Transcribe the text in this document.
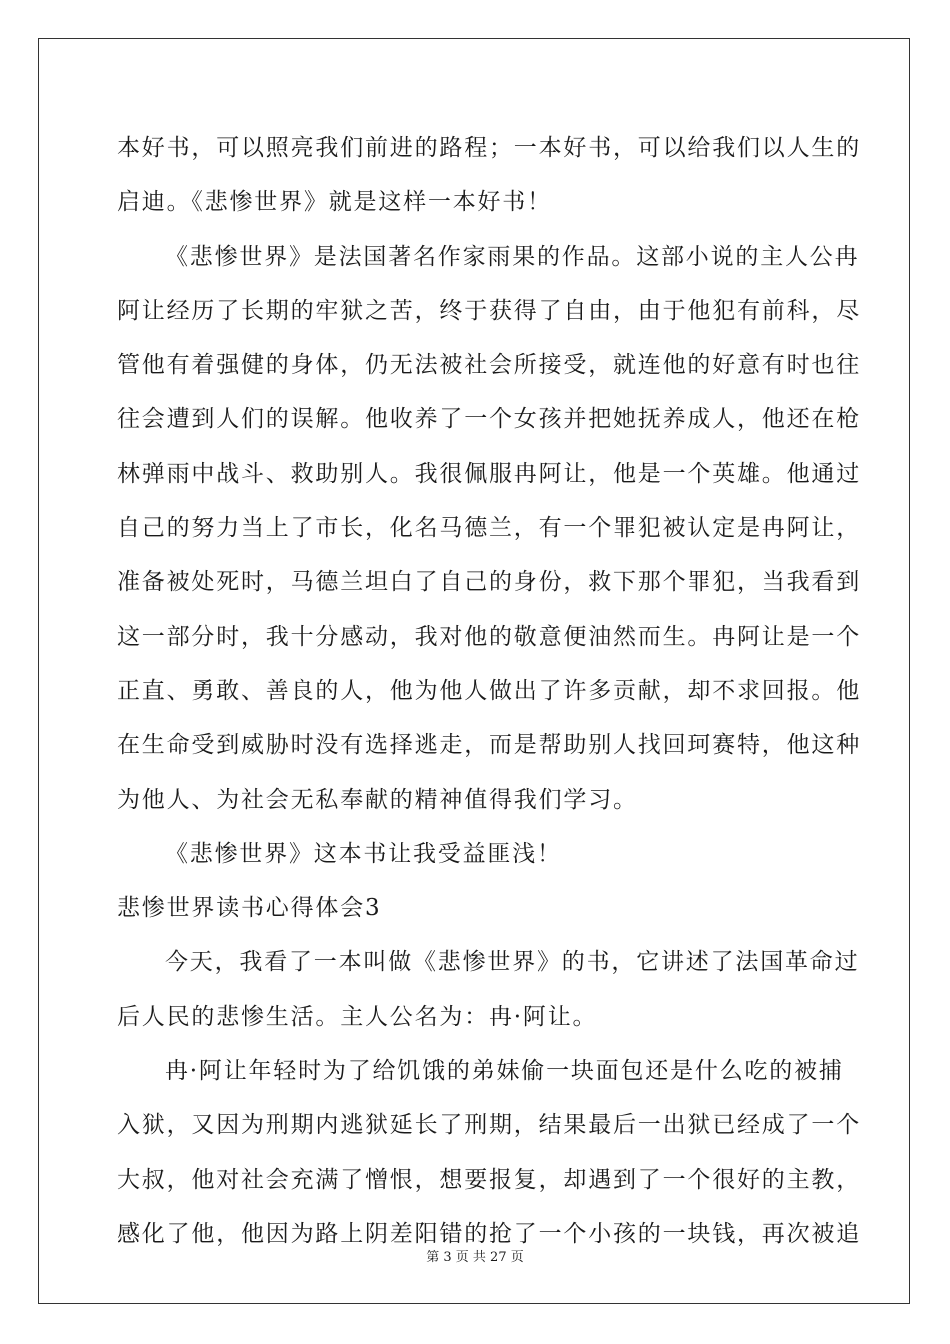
本好书，可以照亮我们前进的路程；一本好书，可以给我们以人生的
启迪。《悲惨世界》就是这样一本好书！
《悲惨世界》是法国著名作家雨果的作品。这部小说的主人公冉
阿让经历了长期的牢狱之苦，终于获得了自由，由于他犯有前科，尽
管他有着强健的身体，仍无法被社会所接受，就连他的好意有时也往
往会遭到人们的误解。他收养了一个女孩并把她抚养成人，他还在枪
林弹雨中战斗、救助别人。我很佩服冉阿让，他是一个英雄。他通过
自己的努力当上了市长，化名马德兰，有一个罪犯被认定是冉阿让，
准备被处死时，马德兰坦白了自己的身份，救下那个罪犯，当我看到
这一部分时，我十分感动，我对他的敬意便油然而生。冉阿让是一个
正直、勇敢、善良的人，他为他人做出了许多贡献，却不求回报。他
在生命受到威胁时没有选择逃走，而是帮助别人找回珂赛特，他这种
为他人、为社会无私奉献的精神值得我们学习。
《悲惨世界》这本书让我受益匪浅！
悲惨世界读书心得体会3
今天，我看了一本叫做《悲惨世界》的书，它讲述了法国革命过
后人民的悲惨生活。主人公名为：冉·阿让。
冉·阿让年轻时为了给饥饿的弟妹偷一块面包还是什么吃的被捕
入狱，又因为刑期内逃狱延长了刑期，结果最后一出狱已经成了一个
大叔，他对社会充满了憎恨，想要报复，却遇到了一个很好的主教，
感化了他，他因为路上阴差阳错的抢了一个小孩的一块钱，再次被追
第 3 页 共 27 页
